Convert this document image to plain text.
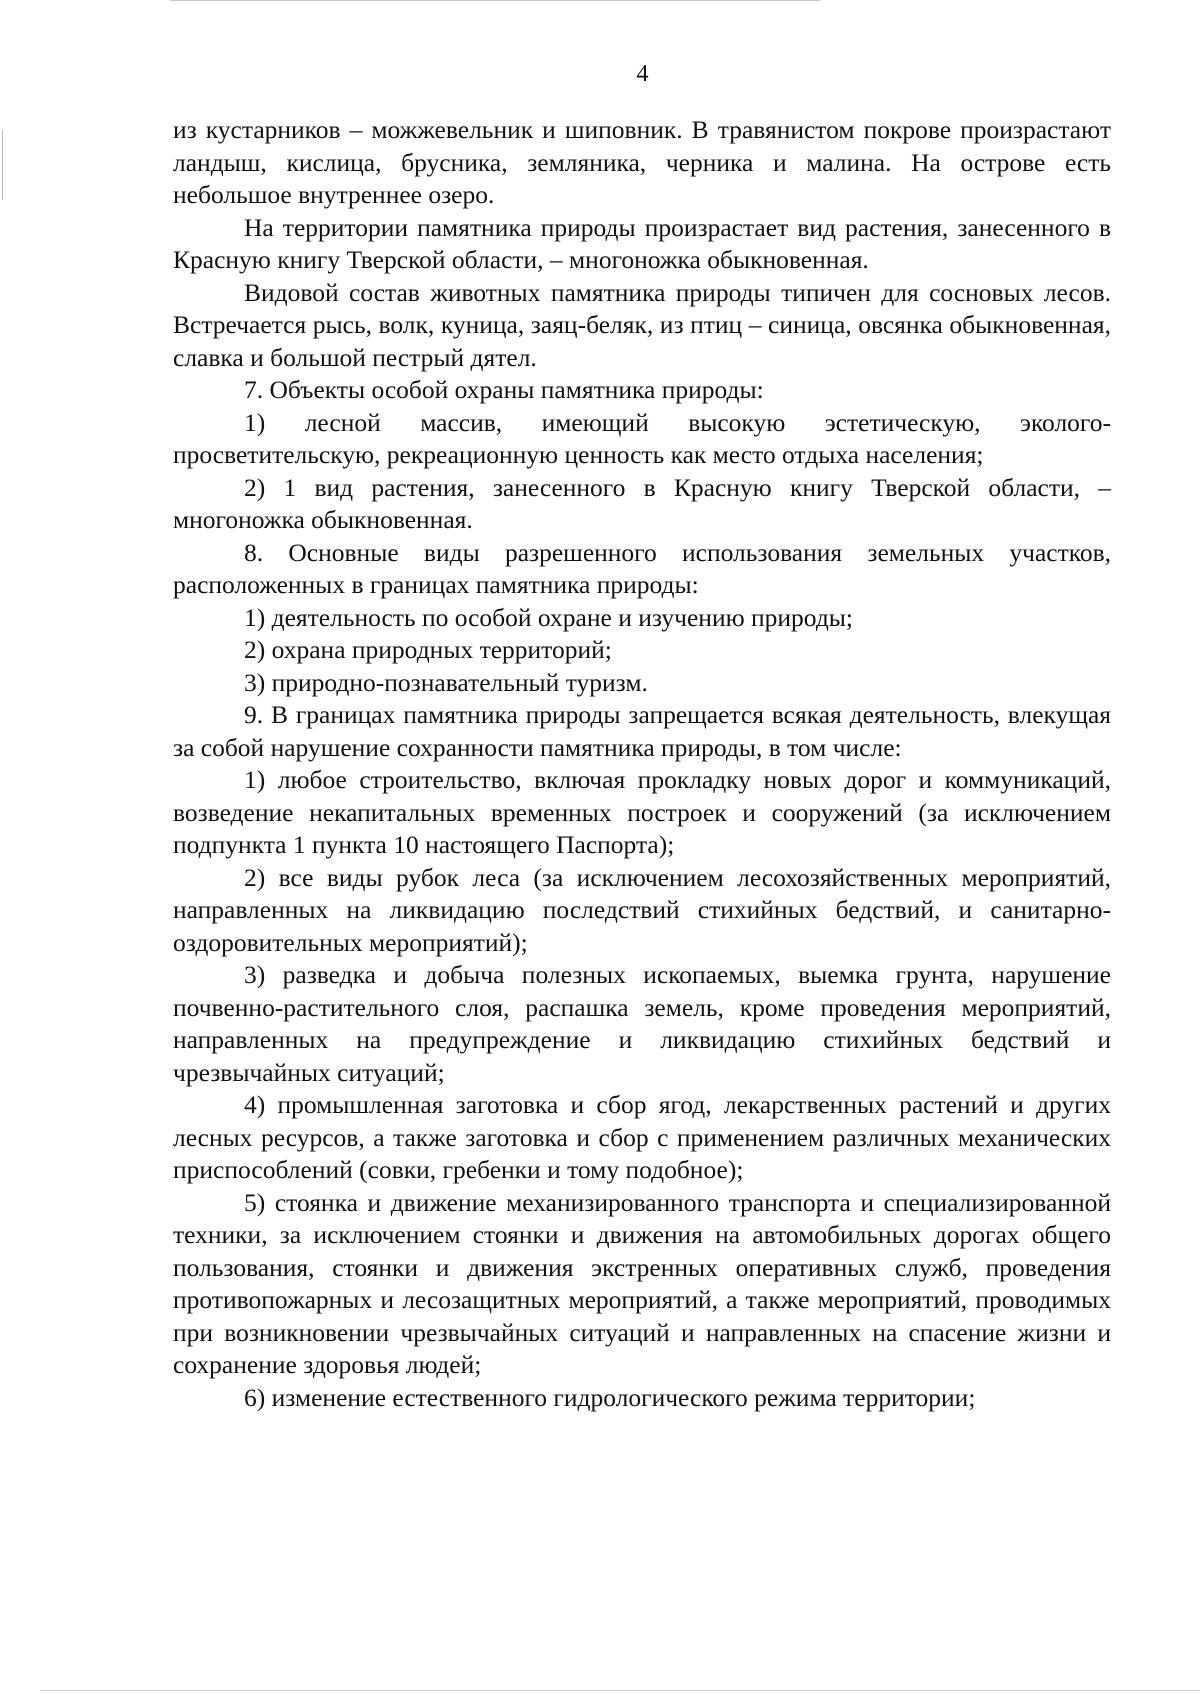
4

из кустарников – можжевельник и шиповник. В травянистом покрове произрастают ландыш, кислица, брусника, земляника, черника и малина. На острове есть небольшое внутреннее озеро.

На территории памятника природы произрастает вид растения, занесенного в Красную книгу Тверской области, – многоножка обыкновенная.

Видовой состав животных памятника природы типичен для сосновых лесов. Встречается рысь, волк, куница, заяц-беляк, из птиц – синица, овсянка обыкновенная, славка и большой пестрый дятел.

7. Объекты особой охраны памятника природы:

1) лесной массив, имеющий высокую эстетическую, эколого-просветительскую, рекреационную ценность как место отдыха населения;

2) 1 вид растения, занесенного в Красную книгу Тверской области, – многоножка обыкновенная.

8. Основные виды разрешенного использования земельных участков, расположенных в границах памятника природы:

1) деятельность по особой охране и изучению природы;

2) охрана природных территорий;

3) природно-познавательный туризм.

9. В границах памятника природы запрещается всякая деятельность, влекущая за собой нарушение сохранности памятника природы, в том числе:

1) любое строительство, включая прокладку новых дорог и коммуникаций, возведение некапитальных временных построек и сооружений (за исключением подпункта 1 пункта 10 настоящего Паспорта);

2) все виды рубок леса (за исключением лесохозяйственных мероприятий, направленных на ликвидацию последствий стихийных бедствий, и санитарно-оздоровительных мероприятий);

3) разведка и добыча полезных ископаемых, выемка грунта, нарушение почвенно-растительного слоя, распашка земель, кроме проведения мероприятий, направленных на предупреждение и ликвидацию стихийных бедствий и чрезвычайных ситуаций;

4) промышленная заготовка и сбор ягод, лекарственных растений и других лесных ресурсов, а также заготовка и сбор с применением различных механических приспособлений (совки, гребенки и тому подобное);

5) стоянка и движение механизированного транспорта и специализированной техники, за исключением стоянки и движения на автомобильных дорогах общего пользования, стоянки и движения экстренных оперативных служб, проведения противопожарных и лесозащитных мероприятий, а также мероприятий, проводимых при возникновении чрезвычайных ситуаций и направленных на спасение жизни и сохранение здоровья людей;

6) изменение естественного гидрологического режима территории;
